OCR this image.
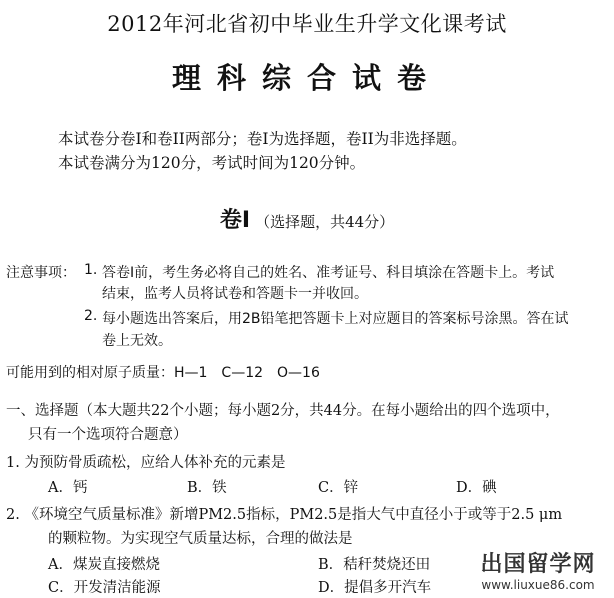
2012年河北省初中毕业生升学文化课考试
理科综合试卷
本试卷分卷I和卷II两部分；卷I为选择题，卷II为非选择题。
本试卷满分为120分，考试时间为120分钟。
卷I （选择题，共44分）
注意事项： 1. 答卷I前，考生务必将自己的姓名、准考证号、科目填涂在答题卡上。考试
结束，监考人员将试卷和答题卡一并收回。
2. 每小题选出答案后，用2B铅笔把答题卡上对应题目的答案标号涂黑。答在试
卷上无效。
可能用到的相对原子质量：H—1　C—12　O—16
一、选择题（本大题共22个小题；每小题2分，共44分。在每小题给出的四个选项中，
只有一个选项符合题意）
1. 为预防骨质疏松，应给人体补充的元素是
A．钙	B．铁	C．锌	D．碘
2. 《环境空气质量标准》新增PM2.5指标，PM2.5是指大气中直径小于或等于2.5 μm
的颗粒物。为实现空气质量达标，合理的做法是
A．煤炭直接燃烧	B．秸秆焚烧还田
C．开发清洁能源	D．提倡多开汽车
出国留学网
www.liuxue86.com
